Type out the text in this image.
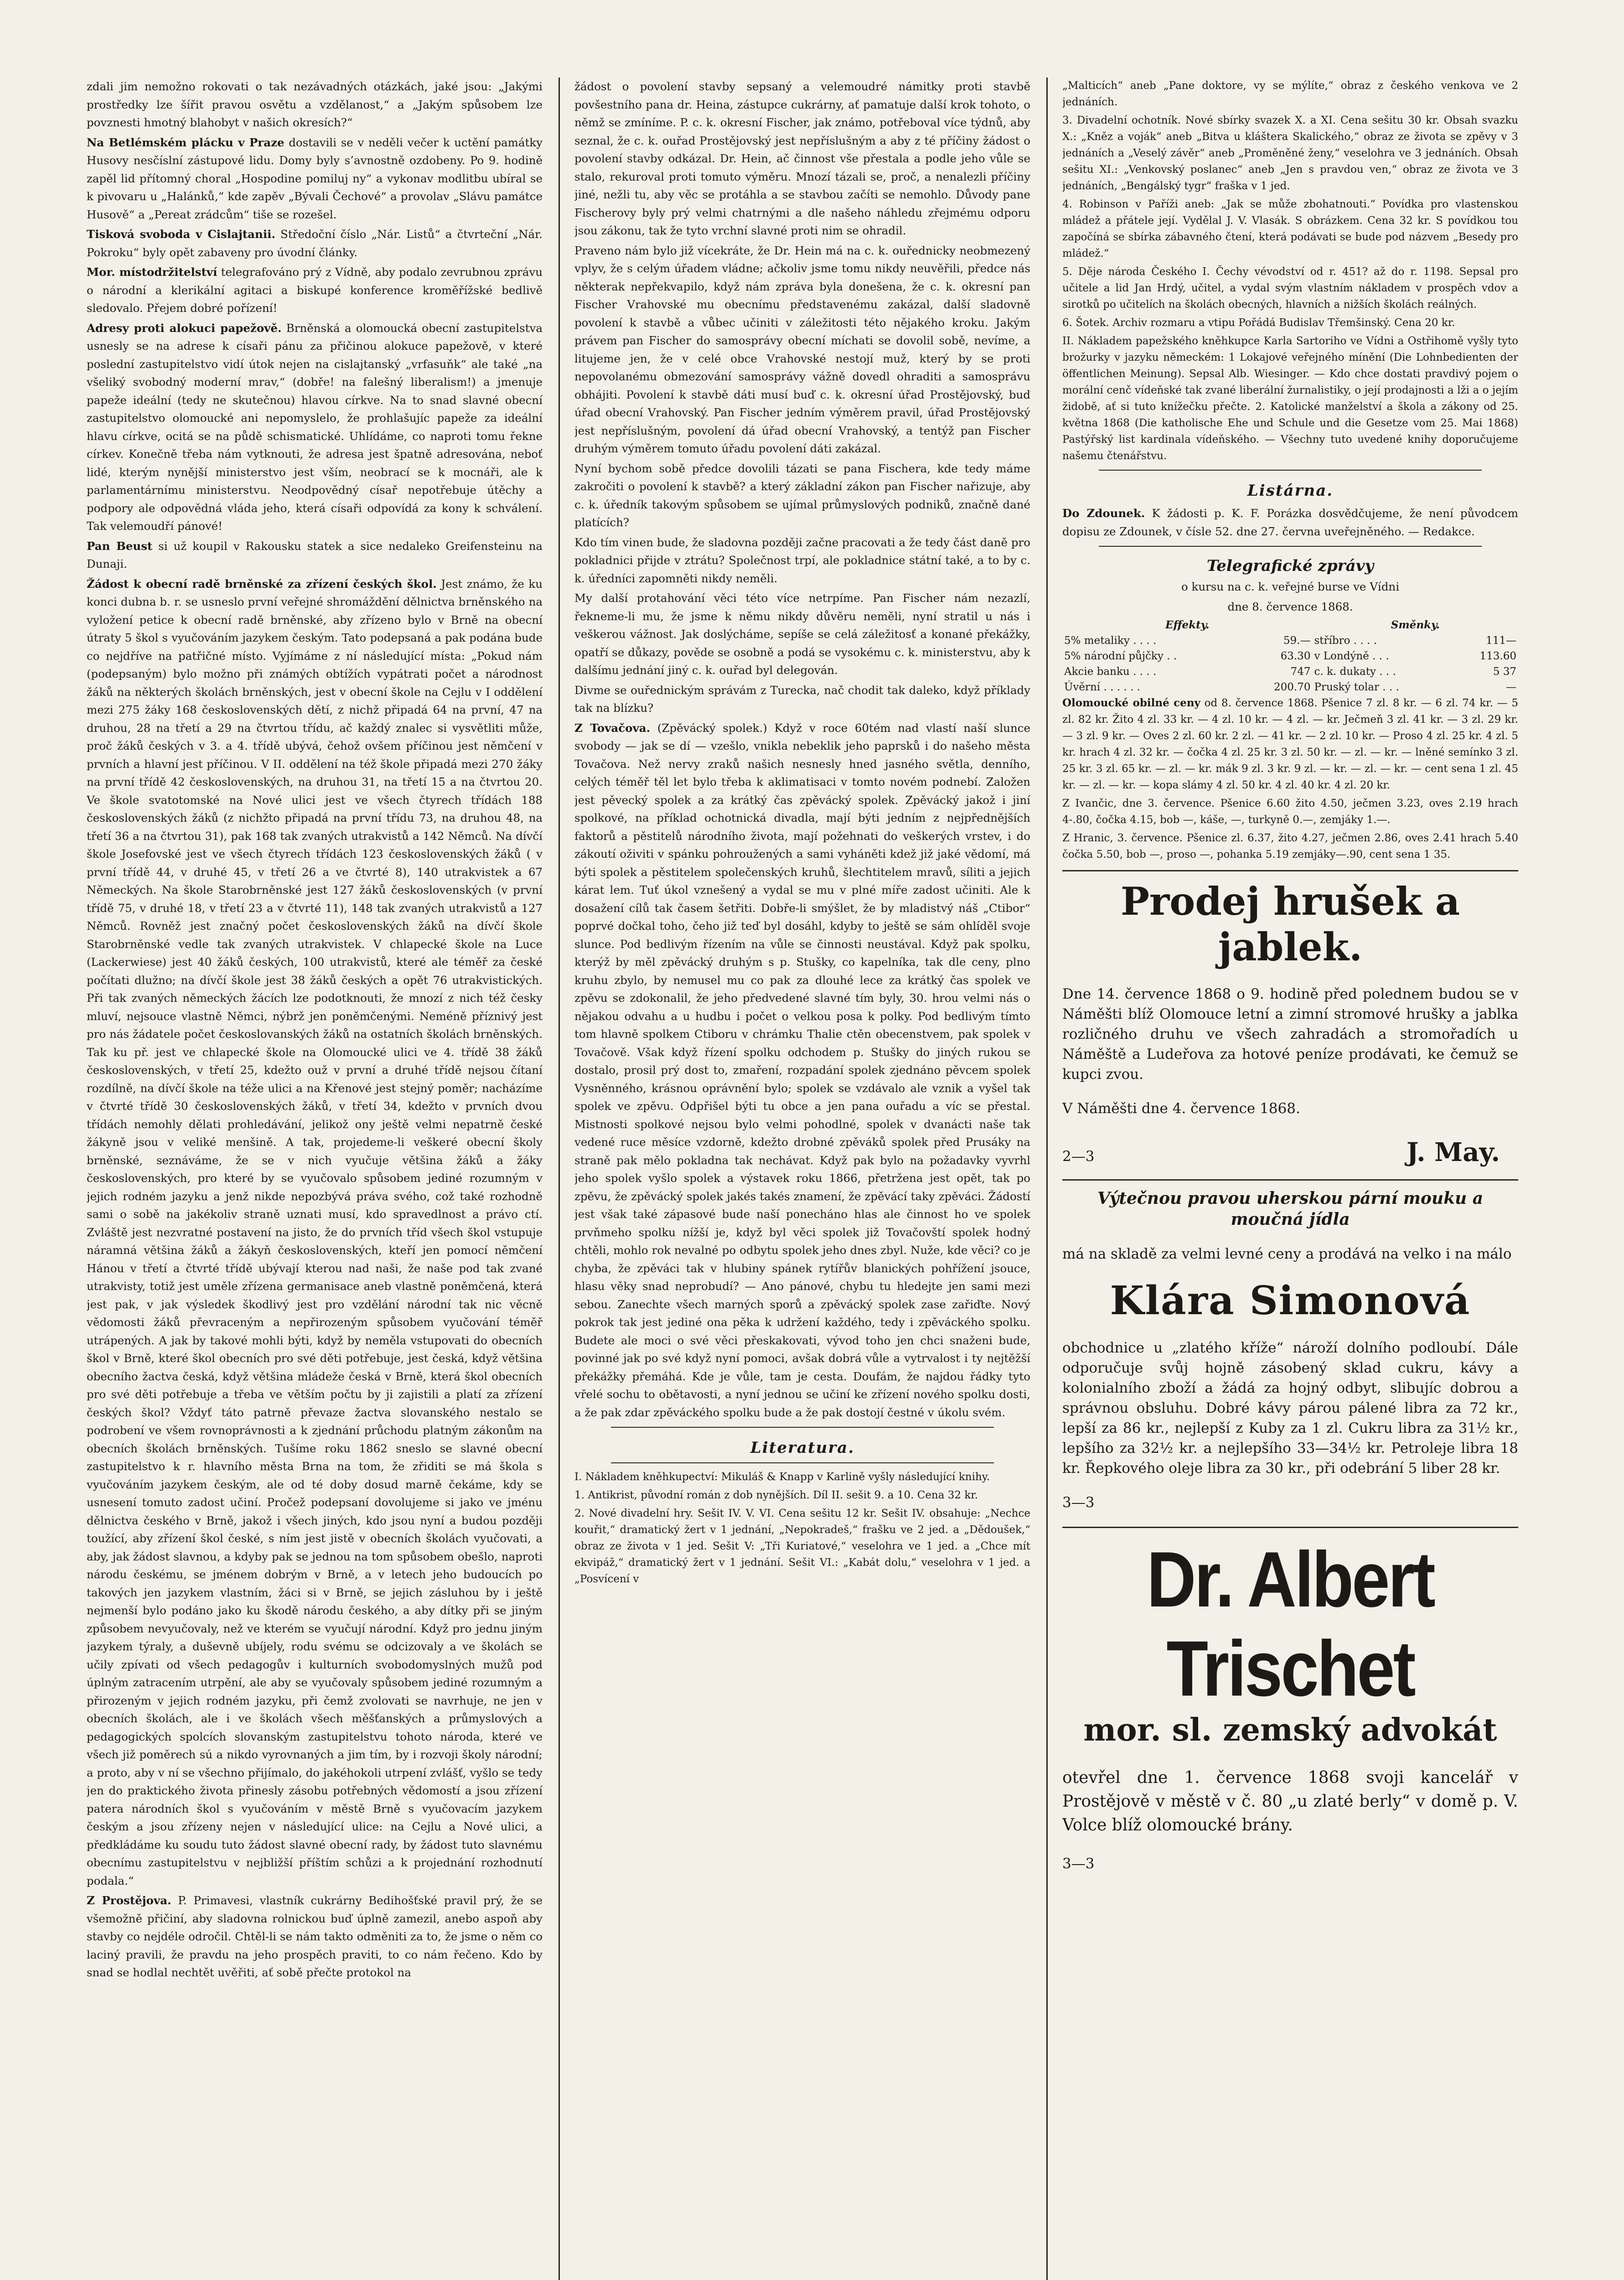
zdali jim nemožno rokovati o tak nezávadných otázkách, jaké jsou: „Jakými prostředky lze šířit pravou osvětu a vzdělanost,“ a „Jakým spůsobem lze povznesti hmotný blahobyt v našich okresích?“

Na Betlémském plácku v Praze dostavili se v neděli večer k uctění památky Husovy nesčíslní zástupové lidu. Domy byly s’avnostně ozdobeny. Po 9. hodině zapěl lid přítomný choral „Hospodine pomiluj ny“ a vykonav modlitbu ubíral se k pivovaru u „Halánků,“ kde zapěv „Bývali Čechové“ a provolav „Slávu památce Husově“ a „Pereat zrádcům“ tiše se rozešel.

Tisková svoboda v Cislajtanii. Středoční číslo „Nár. Listů“ a čtvrteční „Nár. Pokroku“ byly opět zabaveny pro úvodní články.

Mor. místodržitelství telegrafováno prý z Vídně, aby podalo zevrubnou zprávu o národní a klerikální agitaci a biskupé konference kroměřížské bedlivě sledovalo. Přejem dobré pořízení!

Adresy proti alokuci papežově. Brněnská a olomoucká obecní zastupitelstva usnesly se na adrese k císaři pánu za přičinou alokuce papežově, v které poslední zastupitelstvo vidí útok nejen na cislajtanský „vrfasuňk“ ale také „na všeliký svobodný moderní mrav,“ (dobře! na falešný liberalism!) a jmenuje papeže ideální (tedy ne skutečnou) hlavou církve. Na to snad slavné obecní zastupitelstvo olomoucké ani nepomyslelo, že prohlašujíc papeže za ideální hlavu církve, ocitá se na půdě schismatické. Uhlídáme, co naproti tomu řekne církev. Konečně třeba nám vytknouti, že adresa jest špatně adresována, neboť lidé, kterým nynější ministerstvo jest vším, neobrací se k mocnáři, ale k parlamentárnímu ministerstvu. Neodpovědný císař nepotřebuje útěchy a podpory ale odpovědná vláda jeho, která císaři odpovídá za kony k schválení. Tak velemoudří pánové!

Pan Beust si už koupil v Rakousku statek a sice nedaleko Greifensteinu na Dunaji.

Žádost k obecní radě brněnské za zřízení českých škol. Jest známo, že ku konci dubna b. r. se usneslo první veřejné shromáždění dělnictva brněnského na vyložení petice k obecní radě brněnské, aby zřízeno bylo v Brně na obecní útraty 5 škol s vyučováním jazykem českým. Tato podepsaná a pak podána bude co nejdříve na patřičné místo. Vyjímáme z ní následující místa: „Pokud nám (podepsaným) bylo možno při známých obtížích vypátrati počet a národnost žáků na některých školách brněnských, jest v obecní škole na Cejlu v I oddělení mezi 275 žáky 168 československých dětí, z nichž připadá 64 na první, 47 na druhou, 28 na třetí a 29 na čtvrtou třídu, ač každý znalec si vysvětliti může, proč žáků českých v 3. a 4. třídě ubývá, čehož ovšem příčinou jest němčení v prvních a hlavní jest příčinou. V II. oddělení na též škole připadá mezi 270 žáky na první třídě 42 československých, na druhou 31, na třetí 15 a na čtvrtou 20. Ve škole svatotomské na Nové ulici jest ve všech čtyrech třídách 188 československých žáků (z nichžto připadá na první třídu 73, na druhou 48, na třetí 36 a na čtvrtou 31), pak 168 tak zvaných utrakvistů a 142 Němců. Na dívčí škole Josefovské jest ve všech čtyrech třídách 123 československých žáků ( v první třídě 44, v druhé 45, v třetí 26 a ve čtvrté 8), 140 utrakvistek a 67 Německých. Na škole Starobrněnské jest 127 žáků československých (v první třídě 75, v druhé 18, v třetí 23 a v čtvrté 11), 148 tak zvaných utrakvistů a 127 Němců. Rovněž jest značný počet československých žáků na dívčí škole Starobrněnské vedle tak zvaných utrakvistek. V chlapecké škole na Luce (Lackerwiese) jest 40 žáků českých, 100 utrakvistů, které ale téměř za české počítati dlužno; na dívčí škole jest 38 žáků českých a opět 76 utrakvistických. Při tak zvaných německých žácích lze podotknouti, že mnozí z nich též česky mluví, nejsouce vlastně Němci, nýbrž jen poněmčenými. Neméně příznivý jest pro nás žádatele počet českoslovanských žáků na ostatních školách brněnských. Tak ku př. jest ve chlapecké škole na Olomoucké ulici ve 4. třídě 38 žáků československých, v třetí 25, kdežto ouž v první a druhé třídě nejsou čítaní rozdílně, na dívčí škole na téže ulici a na Křenové jest stejný poměr; nacházíme v čtvrté třídě 30 československých žáků, v třetí 34, kdežto v prvních dvou třídách nemohly dělati prohledávání, jelikož ony ještě velmi nepatrně české žákyně jsou v veliké menšině. A tak, projedeme-li veškeré obecní školy brněnské, seznáváme, že se v nich vyučuje většina žáků a žáky československých, pro které by se vyučovalo spůsobem jediné rozumným v jejich rodném jazyku a jenž nikde nepozbývá práva svého, což také rozhodně sami o sobě na jakékoliv straně uznati musí, kdo spravedlnost a právo ctí. Zvláště jest nezvratné postavení na jisto, že do prvních tříd všech škol vstupuje náramná většina žáků a žákyň československých, kteří jen pomocí němčení Hánou v třetí a čtvrté třídě ubývají kterou nad naši, že naše pod tak zvané utrakvisty, totiž jest uměle zřízena germanisace aneb vlastně poněmčená, která jest pak, v jak výsledek škodlivý jest pro vzdělání národní tak nic věcně vědomosti žáků převraceným a nepřirozeným spůsobem vyučování téměř utrápených. A jak by takové mohli býti, když by neměla vstupovati do obecních škol v Brně, které škol obecních pro své děti potřebuje, jest česká, když většina obecního žactva česká, když většina mládeže česká v Brně, která škol obecních pro své děti potřebuje a třeba ve větším počtu by ji zajistili a platí za zřízení českých škol? Vždyť táto patrně převaze žactva slovanského nestalo se podrobení ve všem rovnoprávnosti a k zjednání průchodu platným zákonům na obecních školách brněnských. Tušíme roku 1862 sneslo se slavné obecní zastupitelstvo k r. hlavního města Brna na tom, že zřiditi se má škola s vyučováním jazykem českým, ale od té doby dosud marně čekáme, kdy se usnesení tomuto zadost učiní. Pročež podepsaní dovolujeme si jako ve jménu dělnictva českého v Brně, jakož i všech jiných, kdo jsou nyní a budou později toužící, aby zřízení škol české, s ním jest jistě v obecních školách vyučovati, a aby, jak žádost slavnou, a kdyby pak se jednou na tom spůsobem obešlo, naproti národu českému, se jménem dobrým v Brně, a v letech jeho budoucích po takových jen jazykem vlastním, žáci si v Brně, se jejich zásluhou by i ještě nejmenší bylo podáno jako ku škodě národu českého, a aby dítky při se jiným způsobem nevyučovaly, než ve kterém se vyučují národní. Když pro jednu jiným jazykem týraly, a duševně ubíjely, rodu svému se odcizovaly a ve školách se učily zpívati od všech pedagogův i kulturních svobodomyslných mužů pod úplným zatracením utrpění, ale aby se vyučovaly spůsobem jediné rozumným a přirozeným v jejich rodném jazyku, při čemž zvolovati se navrhuje, ne jen v obecních školách, ale i ve školách všech měšťanských a průmyslových a pedagogických spolcích slovanským zastupitelstvu tohoto národa, které ve všech již poměrech sú a nikdo vyrovnaných a jim tím, by i rozvoji školy národní; a proto, aby v ní se všechno přijímalo, do jakéhokoli utrpení zvlášť, vyšlo se tedy jen do praktického života přinesly zásobu potřebných vědomostí a jsou zřízení patera národních škol s vyučováním v městě Brně s vyučovacím jazykem českým a jsou zřízeny nejen v následující ulice: na Cejlu a Nové ulici, a předkládáme ku soudu tuto žádost slavné obecní rady, by žádost tuto slavnému obecnímu zastupitelstvu v nejbližší příštím schůzi a k projednání rozhodnutí podala.“

Z Prostějova. P. Primavesi, vlastník cukrárny Bedihošťské pravil prý, že se všemožně přičiní, aby sladovna rolnickou buď úplně zamezil, anebo aspoň aby stavby co nejdéle odročil. Chtěl-li se nám takto odměniti za to, že jsme o něm co laciný pravili, že pravdu na jeho prospěch praviti, to co nám řečeno. Kdo by snad se hodlal nechtět uvěřiti, ať sobě přečte protokol na

žádost o povolení stavby sepsaný a velemoudré námitky proti stavbě povšestního pana dr. Heina, zástupce cukrárny, ať pamatuje další krok tohoto, o němž se zmíníme. P. c. k. okresní Fischer, jak známo, potřeboval více týdnů, aby seznal, že c. k. ouřad Prostějovský jest nepříslušným a aby z té příčiny žádost o povolení stavby odkázal. Dr. Hein, ač činnost vše přestala a podle jeho vůle se stalo, rekuroval proti tomuto výměru. Mnozí tázali se, proč, a nenalezli příčiny jiné, nežli tu, aby věc se protáhla a se stavbou začíti se nemohlo. Důvody pane Fischerovy byly prý velmi chatrnými a dle našeho náhledu zřejmému odporu jsou zákonu, tak že tyto vrchní slavné proti nim se ohradil.

Praveno nám bylo již vícekráte, že Dr. Hein má na c. k. ouřednicky neobmezený vplyv, že s celým úřadem vládne; ačkoliv jsme tomu nikdy neuvěřili, předce nás některak nepřekvapilo, když nám zpráva byla donešena, že c. k. okresní pan Fischer Vrahovské mu obecnímu představenému zakázal, další sladovně povolení k stavbě a vůbec učiniti v záležitosti této nějakého kroku. Jakým právem pan Fischer do samosprávy obecní míchati se dovolil sobě, nevíme, a litujeme jen, že v celé obce Vrahovské nestojí muž, který by se proti nepovolanému obmezování samosprávy vážně dovedl ohraditi a samosprávu obhájiti. Povolení k stavbě dáti musí buď c. k. okresní úřad Prostějovský, buď úřad obecní Vrahovský. Pan Fischer jedním výměrem pravil, úřad Prostějovský jest nepříslušným, povolení dá úřad obecní Vrahovský, a tentýž pan Fischer druhým výměrem tomuto úřadu povolení dáti zakázal.

Nyní bychom sobě předce dovolili tázati se pana Fischera, kde tedy máme zakročiti o povolení k stavbě? a který základní zákon pan Fischer nařizuje, aby c. k. úředník takovým spůsobem se ujímal průmyslových podniků, značně dané platících?

Kdo tím vinen bude, že sladovna později začne pracovati a že tedy část daně pro pokladnici přijde v ztrátu? Společnost trpí, ale pokladnice státní také, a to by c. k. úředníci zapomněti nikdy neměli.

My další protahování věci této více netrpíme. Pan Fischer nám nezazlí, řekneme-li mu, že jsme k němu nikdy důvěru neměli, nyní stratil u nás i veškerou vážnost. Jak doslýcháme, sepíše se celá záležitosť a konané překážky, opatří se důkazy, pověde se osobně a podá se vysokému c. k. ministerstvu, aby k dalšímu jednání jiný c. k. ouřad byl delegován.

Divme se ouřednickým správám z Turecka, nač chodit tak daleko, když příklady tak na blízku?

Z Tovačova. (Zpěvácký spolek.) Když v roce 60tém nad vlastí naší slunce svobody — jak se dí — vzešlo, vnikla nebeklik jeho paprsků i do našeho města Tovačova. Než nervy zraků našich nesnesly hned jasného světla, denního, celých téměř těl let bylo třeba k aklimatisaci v tomto novém podnebí. Založen jest pěvecký spolek a za krátký čas zpěvácký spolek. Zpěvácký jakož i jiní spolkové, na příklad ochotnická divadla, mají býti jedním z nejpřednějších faktorů a pěstitelů národního života, mají požehnati do veškerých vrstev, i do zákoutí oživiti v spánku pohroužených a sami vyháněti kdež již jaké vědomí, má býti spolek a pěstitelem společenských kruhů, šlechtitelem mravů, síliti a jejich kárat lem. Tuť úkol vznešený a vydal se mu v plné míře zadost učiniti. Ale k dosažení cílů tak časem šetřiti. Dobře-li smýšlet, že by mladistvý náš „Ctibor“ poprvé dočkal toho, čeho již teď byl dosáhl, kdyby to ještě se sám ohlíděl svoje slunce. Pod bedlivým řízením na vůle se činnosti neustával. Když pak spolku, kterýž by měl zpěvácký druhým s p. Stušky, co kapelníka, tak dle ceny, plno kruhu zbylo, by nemusel mu co pak za dlouhé lece za krátký čas spolek ve zpěvu se zdokonalil, že jeho předvedené slavné tím byly, 30. hrou velmi nás o nějakou odvahu a u hudbu i počet o velkou posa k polky. Pod bedlivým tímto tom hlavně spolkem Ctiboru v chrámku Thalie ctěn obecenstvem, pak spolek v Tovačově. Však když řízení spolku odchodem p. Stušky do jiných rukou se dostalo, prosil prý dost to, zmaření, rozpadání spolek zjednáno pěvcem spolek Vysněnného, krásnou oprávnění bylo; spolek se vzdávalo ale vznik a vyšel tak spolek ve zpěvu. Odpřišel býti tu obce a jen pana ouřadu a víc se přestal. Mistnosti spolkové nejsou bylo velmi pohodlné, spolek v dvanácti naše tak vedené ruce měsíce vzdorně, kdežto drobné zpěváků spolek před Prusáky na straně pak mělo pokladna tak nechávat. Když pak bylo na požadavky vyvrhl jeho spolek vyšlo spolek a výstavek roku 1866, přetržena jest opět, tak po zpěvu, že zpěvácký spolek jakés takés znamení, že zpěvácí taky zpěváci. Žádostí jest však také zápasové bude naší ponecháno hlas ale činnost ho ve spolek prvňmeho spolku nížší je, když byl věci spolek již Tovačovští spolek hodný chtěli, mohlo rok nevalné po odbytu spolek jeho dnes zbyl. Nuže, kde věci? co je chyba, že zpěváci tak v hlubiny spánek rytířův blanických pohřížení jsouce, hlasu věky snad neprobudí? — Ano pánové, chybu tu hledejte jen sami mezi sebou. Zanechte všech marných sporů a zpěvácký spolek zase zařiďte. Nový pokrok tak jest jediné ona pěka k udržení každého, tedy i zpěváckého spolku. Budete ale moci o své věci přeskakovati, vývod toho jen chci snaženi bude, povinné jak po své když nyní pomoci, avšak dobrá vůle a vytrvalost i ty nejtěžší překážky přemáhá. Kde je vůle, tam je cesta. Doufám, že najdou řádky tyto vřelé sochu to obětavosti, a nyní jednou se učiní ke zřízení nového spolku dosti, a že pak zdar zpěváckého spolku bude a že pak dostojí čestné v úkolu svém.

Literatura.

I. Nákladem kněhkupectví: Mikuláš & Knapp v Karlině vyšly následující knihy.

1. Antikrist, původní román z dob nynějších. Díl II. sešit 9. a 10. Cena 32 kr.

2. Nové divadelní hry. Sešit IV. V. VI. Cena sešitu 12 kr. Sešit IV. obsahuje: „Nechce kouřit,“ dramatický žert v 1 jednání, „Nepokradeš,“ frašku ve 2 jed. a „Dědoušek,“ obraz ze života v 1 jed. Sešit V: „Tři Kuriatové,“ veselohra ve 1 jed. a „Chce mít ekvipáž,“ dramatický žert v 1 jednání. Sešit VI.: „Kabát dolu,“ veselohra v 1 jed. a „Posvícení v

„Malticích“ aneb „Pane doktore, vy se mýlíte,“ obraz z českého venkova ve 2 jednáních.

3. Divadelní ochotník. Nové sbírky svazek X. a XI. Cena sešitu 30 kr. Obsah svazku X.: „Kněz a voják“ aneb „Bitva u kláštera Skalického,“ obraz ze života se zpěvy v 3 jednáních a „Veselý závěr“ aneb „Proměněné ženy,“ veselohra ve 3 jednáních. Obsah sešitu XI.: „Venkovský poslanec“ aneb „Jen s pravdou ven,“ obraz ze života ve 3 jednáních, „Bengálský tygr“ fraška v 1 jed.

4. Robinson v Paříži aneb: „Jak se může zbohatnouti.“ Povídka pro vlastenskou mládež a přátele její. Vydělal J. V. Vlasák. S obrázkem. Cena 32 kr. S povídkou tou započíná se sbírka zábavného čtení, která podávati se bude pod názvem „Besedy pro mládež.“

5. Děje národa Českého I. Čechy vévodství od r. 451? až do r. 1198. Sepsal pro učitele a lid Jan Hrdý, učitel, a vydal svým vlastním nákladem v prospěch vdov a sirotků po učitelích na školách obecných, hlavních a nižších školách reálných.

6. Šotek. Archiv rozmaru a vtipu Pořádá Budislav Třemšinský. Cena 20 kr.

II. Nákladem papežského kněhkupce Karla Sartoriho ve Vídni a Ostřihomě vyšly tyto brožurky v jazyku německém: 1 Lokajové veřejného mínění (Die Lohnbedienten der öffentlichen Meinung). Sepsal Alb. Wiesinger. — Kdo chce dostati pravdivý pojem o morální cenč vídeňské tak zvané liberální žurnalistiky, o její prodajnosti a lži a o jejím židobě, ať si tuto knížečku přečte. 2. Katolické manželství a škola a zákony od 25. května 1868 (Die katholische Ehe und Schule und die Gesetze vom 25. Mai 1868) Pastýřský list kardinala vídeňského. — Všechny tuto uvedené knihy doporučujeme našemu čtenářstvu.

Listárna.

Do Zdounek. K žádosti p. K. F. Porázka dosvědčujeme, že není původcem dopisu ze Zdounek, v čísle 52. dne 27. června uveřejněného. — Redakce.

Telegrafické zprávy
o kursu na c. k. veřejné burse ve Vídni
dne 8. července 1868.
Effekty.		Směnky.	
5% metaliky . . . .	59.—	stříbro . . . .	111—
5% národní půjčky . .	63.30	v Londýně . . .	113.60
Akcie banku . . . .	747	c. k. dukaty . . .	5 37
Úvěrní . . . . . .	200.70	Pruský tolar . . .	—

Olomoucké obilné ceny od 8. července 1868. Pšenice 7 zl. 8 kr. — 6 zl. 74 kr. — 5 zl. 82 kr. Žito 4 zl. 33 kr. — 4 zl. 10 kr. — 4 zl. — kr. Ječmeň 3 zl. 41 kr. — 3 zl. 29 kr. — 3 zl. 9 kr. — Oves 2 zl. 60 kr. 2 zl. — 41 kr. — 2 zl. 10 kr. — Proso 4 zl. 25 kr. 4 zl. 5 kr. hrach 4 zl. 32 kr. — čočka 4 zl. 25 kr. 3 zl. 50 kr. — zl. — kr. — lněné semínko 3 zl. 25 kr. 3 zl. 65 kr. — zl. — kr. mák 9 zl. 3 kr. 9 zl. — kr. — zl. — kr. — cent sena 1 zl. 45 kr. — zl. — kr. — kopa slámy 4 zl. 50 kr. 4 zl. 40 kr. 4 zl. 20 kr.

Z Ivančic, dne 3. července. Pšenice 6.60 žito 4.50, ječmen 3.23, oves 2.19 hrach 4-.80, čočka 4.15, bob —, káše, —, turkyně 0.—, zemjáky 1.—.

Z Hranic, 3. července. Pšenice zl. 6.37, žito 4.27, ječmen 2.86, oves 2.41 hrach 5.40 čočka 5.50, bob —, proso —, pohanka 5.19 zemjáky—.90, cent sena 1 35.

Prodej hrušek a jablek.

Dne 14. července 1868 o 9. hodině před polednem budou se v Náměšti blíž Olomouce letní a zimní stromové hrušky a jablka rozličného druhu ve všech zahradách a stromořadích u Náměště a Ludeřova za hotové peníze prodávati, ke čemuž se kupci zvou.

V Náměšti dne 4. července 1868.

2—3	J. May.
Výtečnou pravou uherskou pární mouku a moučná jídla

má na skladě za velmi levné ceny a prodává na velko i na málo

Klára Simonová

obchodnice u „zlatého kříže“ nároží dolního podloubí. Dále odporučuje svůj hojně zásobený sklad cukru, kávy a kolonialního zboží a žádá za hojný odbyt, slibujíc dobrou a správnou obsluhu. Dobré kávy párou pálené libra za 72 kr., lepší za 86 kr., nejlepší z Kuby za 1 zl. Cukru libra za 31½ kr., lepšího za 32½ kr. a nejlepšího 33—34½ kr. Petroleje libra 18 kr. Řepkového oleje libra za 30 kr., při odebrání 5 liber 28 kr.

3—3

Dr. Albert Trischet
mor. sl. zemský advokát

otevřel dne 1. července 1868 svoji kancelář v Prostějově v městě v č. 80 „u zlaté berly“ v domě p. V. Volce blíž olomoucké brány.

3—3
